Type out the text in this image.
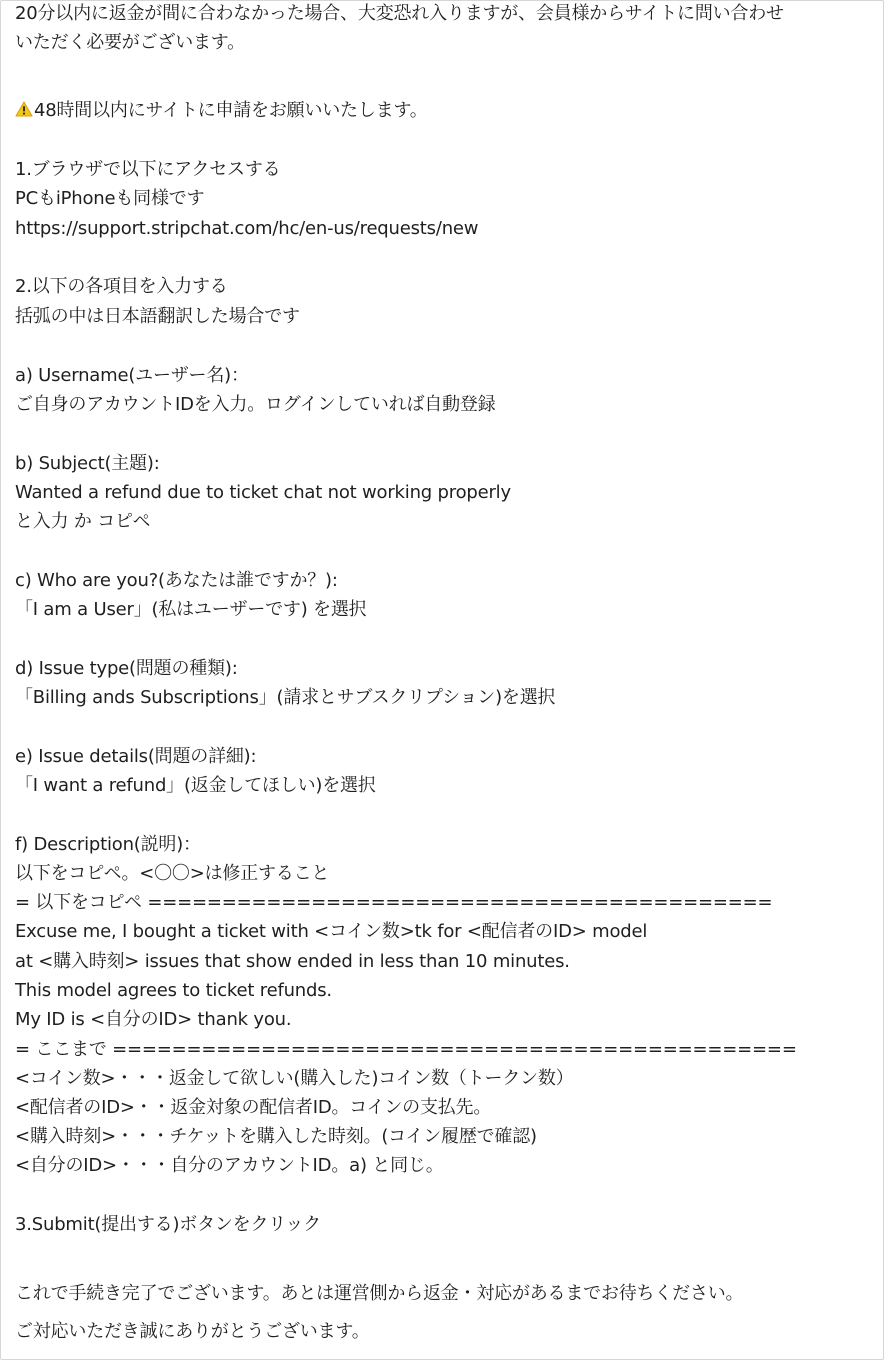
20分以内に返金が間に合わなかった場合、大変恐れ入りますが、会員様からサイトに問い合わせ
いただく必要がございます。
48時間以内にサイトに申請をお願いいたします。
1.ブラウザで以下にアクセスする
PCもiPhoneも同様です
https://support.stripchat.com/hc/en-us/requests/new
2.以下の各項目を入力する
括弧の中は日本語翻訳した場合です
a) Username(ユーザー名)：
ご自身のアカウントIDを入力。ログインしていれば自動登録
b) Subject(主題):
Wanted a refund due to ticket chat not working properly
と入力 か コピペ
c) Who are you?(あなたは誰ですか？):
「I am a User」(私はユーザーです) を選択
d) Issue type(問題の種類):
「Billing ands Subscriptions」(請求とサブスクリプション)を選択
e) Issue details(問題の詳細):
「I want a refund」(返金してほしい)を選択
f) Description(説明)：
以下をコピペ。<〇〇>は修正すること
= 以下をコピペ ==========================================
Excuse me, I bought a ticket with <コイン数>tk for <配信者のID> model
at <購入時刻> issues that show ended in less than 10 minutes.
This model agrees to ticket refunds.
My ID is <自分のID> thank you.
= ここまで ==============================================
<コイン数>・・・返金して欲しい(購入した)コイン数（トークン数）
<配信者のID>・・返金対象の配信者ID。コインの支払先。
<購入時刻>・・・チケットを購入した時刻。(コイン履歴で確認)
<自分のID>・・・自分のアカウントID。a) と同じ。
3.Submit(提出する)ボタンをクリック
これで手続き完了でございます。あとは運営側から返金・対応があるまでお待ちください。
ご対応いただき誠にありがとうございます。
